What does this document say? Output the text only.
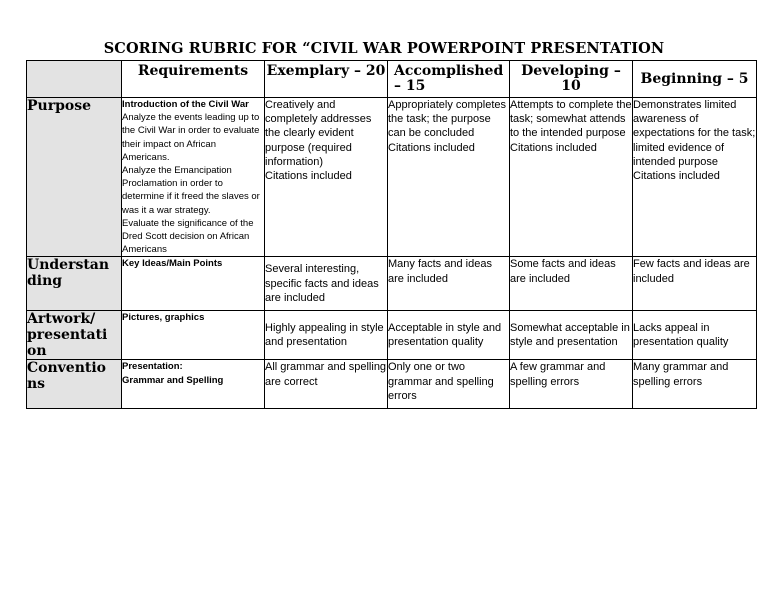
SCORING RUBRIC FOR “CIVIL WAR POWERPOINT PRESENTATION
	Requirements	Exemplary – 20	Accomplished – 15	Developing – 10	Beginning – 5
Purpose	Introduction of the Civil War
Analyze the events leading up to the Civil War in order to evaluate their impact on African Americans.
Analyze the Emancipation Proclamation in order to determine if it freed the slaves or was it a war strategy.
Evaluate the significance of the Dred Scott decision on African Americans	Creatively and completely addresses the clearly evident purpose (required information)
Citations included	Appropriately completes the task; the purpose can be concluded
Citations included	Attempts to complete the task; somewhat attends to the intended purpose
Citations included	Demonstrates limited awareness of expectations for the task; limited evidence of intended purpose
Citations included
Understan ding	Key Ideas/Main Points	Several interesting, specific facts and ideas are included	Many facts and ideas are included	Some facts and ideas are included	Few facts and ideas are included
Artwork/ presentati on	Pictures, graphics	Highly appealing in style and presentation	Acceptable in style and presentation quality	Somewhat acceptable in style and presentation	Lacks appeal in presentation quality
Conventio ns	Presentation:
Grammar and Spelling	All grammar and spelling are correct	Only one or two grammar and spelling errors	A few grammar and spelling errors	Many grammar and spelling errors
